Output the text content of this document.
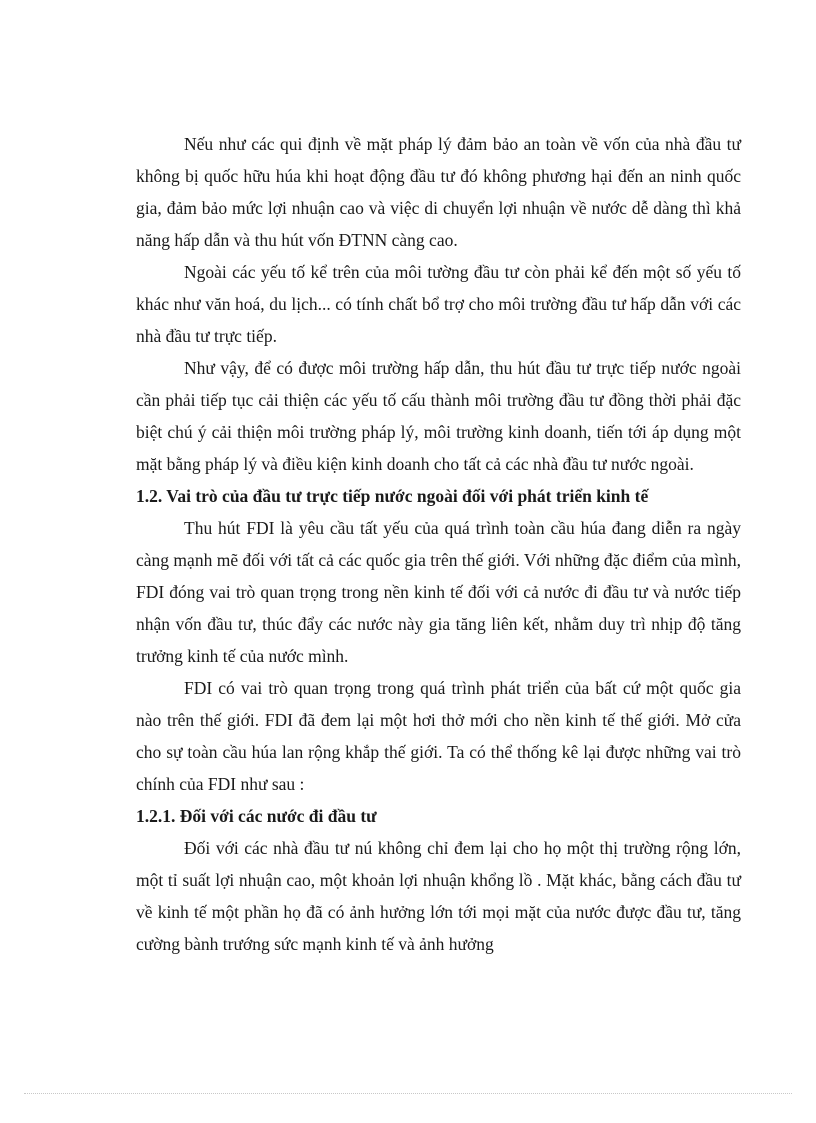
Nếu như các qui định về mặt pháp lý đảm bảo an toàn về vốn của nhà đầu tư không bị quốc hữu húa khi hoạt động đầu tư đó không phương hại đến an ninh quốc gia, đảm bảo mức lợi nhuận cao và việc di chuyển lợi nhuận về nước dễ dàng thì khả năng hấp dẫn và thu hút vốn ĐTNN càng cao.

Ngoài các yếu tố kể trên của môi tường đầu tư còn phải kể đến một số yếu tố khác như văn hoá, du lịch... có tính chất bổ trợ cho môi trường đầu tư hấp dẫn với các nhà đầu tư trực tiếp.

Như vậy, để có được môi trường hấp dẫn, thu hút đầu tư trực tiếp nước ngoài cần phải tiếp tục cải thiện các yếu tố cấu thành môi trường đầu tư đồng thời phải đặc biệt chú ý cải thiện môi trường pháp lý, môi trường kinh doanh, tiến tới áp dụng một mặt bằng pháp lý và điều kiện kinh doanh cho tất cả các nhà đầu tư nước ngoài.

1.2. Vai trò của đầu tư trực tiếp nước ngoài đối với phát triển kinh tế

Thu hút FDI là yêu cầu tất yếu của quá trình toàn cầu húa đang diễn ra ngày càng mạnh mẽ đối với tất cả các quốc gia trên thế giới. Với những đặc điểm của mình, FDI đóng vai trò quan trọng trong nền kinh tế đối với cả nước đi đầu tư và nước tiếp nhận vốn đầu tư, thúc đẩy các nước này gia tăng liên kết, nhằm duy trì nhịp độ tăng trưởng kinh tế của nước mình.

FDI có vai trò quan trọng trong quá trình phát triển của bất cứ một quốc gia nào trên thế giới. FDI đã đem lại một hơi thở mới cho nền kinh tế thế giới. Mở cửa cho sự toàn cầu húa lan rộng khắp thế giới. Ta có thể thống kê lại được những vai trò chính của FDI như sau :

1.2.1. Đối với các nước đi đầu tư

Đối với các nhà đầu tư nú không chỉ đem lại cho họ một thị trường rộng lớn, một tỉ suất lợi nhuận cao, một khoản lợi nhuận khổng lồ . Mặt khác, bằng cách đầu tư về kinh tế một phần họ đã có ảnh hưởng lớn tới mọi mặt của nước được đầu tư, tăng cường bành trướng sức mạnh kinh tế và ảnh hưởng
